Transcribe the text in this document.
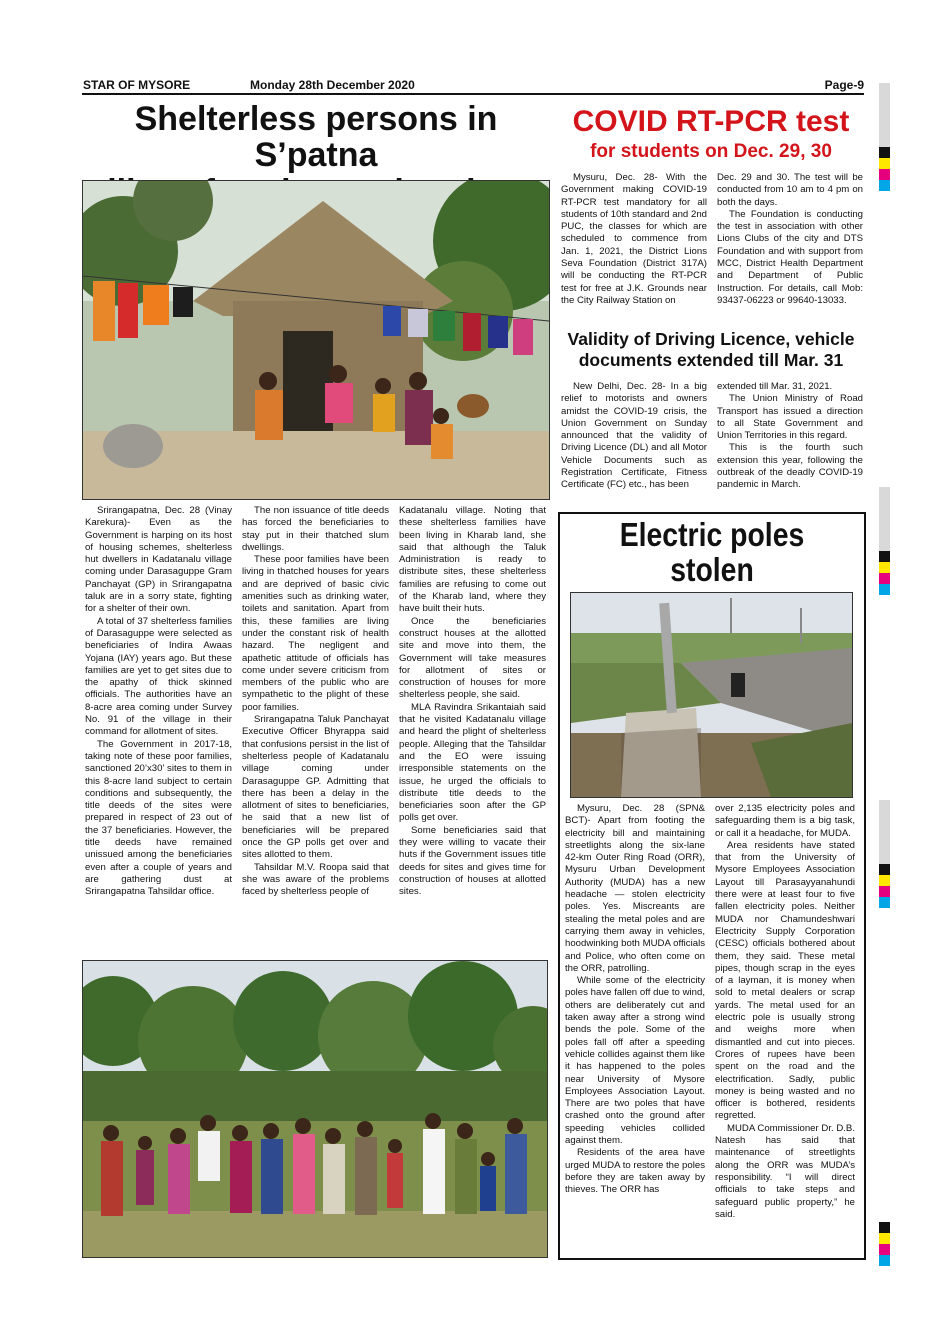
STAR OF MYSORE	Monday 28th December 2020	Page-9
Shelterless persons in S’patna

Srirangapatna, Dec. 28 (Vinay Karekura)- Even as the Government is harping on its host of housing schemes, shelterless hut dwellers in Kadatanalu village coming under Darasaguppe Gram Panchayat (GP) in Srirangapatna taluk are in a sorry state, fighting for a shelter of their own.

A total of 37 shelterless families of Darasaguppe were selected as beneficiaries of Indira Awaas Yojana (IAY) years ago. But these families are yet to get sites due to the apathy of thick skinned officials. The authorities have an 8-acre area coming under Survey No. 91 of the village in their command for allotment of sites.

The Government in 2017-18, taking note of these poor families, sanctioned 20’x30’ sites to them in this 8-acre land subject to certain conditions and subsequently, the title deeds of the sites were prepared in respect of 23 out of the 37 beneficiaries. However, the title deeds have remained unissued among the beneficiaries even after a couple of years and are gathering dust at Srirangapatna Tahsildar office.

The non issuance of title deeds has forced the beneficiaries to stay put in their thatched slum dwellings.

These poor families have been living in thatched houses for years and are deprived of basic civic amenities such as drinking water, toilets and sanitation. Apart from this, these families are living under the constant risk of health hazard. The negligent and apathetic attitude of officials has come under severe criticism from members of the public who are sympathetic to the plight of these poor families.

Srirangapatna Taluk Panchayat Executive Officer Bhyrappa said that confusions persist in the list of shelterless people of Kadatanalu village coming under Darasaguppe GP. Admitting that there has been a delay in the allotment of sites to beneficiaries, he said that a new list of beneficiaries will be prepared once the GP polls get over and sites allotted to them.

Tahsildar M.V. Roopa said that she was aware of the problems faced by shelterless people of

Kadatanalu village. Noting that these shelterless families have been living in Kharab land, she said that although the Taluk Administration is ready to distribute sites, these shelterless families are refusing to come out of the Kharab land, where they have built their huts.

Once the beneficiaries construct houses at the allotted site and move into them, the Government will take measures for allotment of sites or construction of houses for more shelterless people, she said.

MLA Ravindra Srikantaiah said that he visited Kadatanalu village and heard the plight of shelterless people. Alleging that the Tahsildar and the EO were issuing irresponsible statements on the issue, he urged the officials to distribute title deeds to the beneficiaries soon after the GP polls get over.

Some beneficiaries said that they were willing to vacate their huts if the Government issues title deeds for sites and gives time for construction of houses at allotted sites.

COVID RT-PCR test
for students on Dec. 29, 30

Mysuru, Dec. 28- With the Government making COVID-19 RT-PCR test mandatory for all students of 10th standard and 2nd PUC, the classes for which are scheduled to commence from Jan. 1, 2021, the District Lions Seva Foundation (District 317A) will be conducting the RT-PCR test for free at J.K. Grounds near the City Railway Station on

Dec. 29 and 30. The test will be conducted from 10 am to 4 pm on both the days.

The Foundation is conducting the test in association with other Lions Clubs of the city and DTS Foundation and with support from MCC, District Health Department and Department of Public Instruction. For details, call Mob: 93437-06223 or 99640-13033.

Validity of Driving Licence, vehicle
documents extended till Mar. 31

New Delhi, Dec. 28- In a big relief to motorists and owners amidst the COVID-19 crisis, the Union Government on Sunday announced that the validity of Driving Licence (DL) and all Motor Vehicle Documents such as Registration Certificate, Fitness Certificate (FC) etc., has been

extended till Mar. 31, 2021.

The Union Ministry of Road Transport has issued a direction to all State Government and Union Territories in this regard.

This is the fourth such extension this year, following the outbreak of the deadly COVID-19 pandemic in March.

Electric poles stolen

Mysuru, Dec. 28 (SPN& BCT)- Apart from footing the electricity bill and maintaining streetlights along the six-lane 42-km Outer Ring Road (ORR), Mysuru Urban Development Authority (MUDA) has a new headache — stolen electricity poles. Yes. Miscreants are stealing the metal poles and are carrying them away in vehicles, hoodwinking both MUDA officials and Police, who often come on the ORR, patrolling.

While some of the electricity poles have fallen off due to wind, others are deliberately cut and taken away after a strong wind bends the pole. Some of the poles fall off after a speeding vehicle collides against them like it has happened to the poles near University of Mysore Employees Association Layout. There are two poles that have crashed onto the ground after speeding vehicles collided against them.

Residents of the area have urged MUDA to restore the poles before they are taken away by thieves. The ORR has

over 2,135 electricity poles and safeguarding them is a big task, or call it a headache, for MUDA.

Area residents have stated that from the University of Mysore Employees Association Layout till Parasayyanahundi there were at least four to five fallen electricity poles. Neither MUDA nor Chamundeshwari Electricity Supply Corporation (CESC) officials bothered about them, they said. These metal pipes, though scrap in the eyes of a layman, it is money when sold to metal dealers or scrap yards. The metal used for an electric pole is usually strong and weighs more when dismantled and cut into pieces. Crores of rupees have been spent on the road and the electrification. Sadly, public money is being wasted and no officer is bothered, residents regretted.

MUDA Commissioner Dr. D.B. Natesh has said that maintenance of streetlights along the ORR was MUDA’s responsibility. “I will direct officials to take steps and safeguard public property,” he said.
